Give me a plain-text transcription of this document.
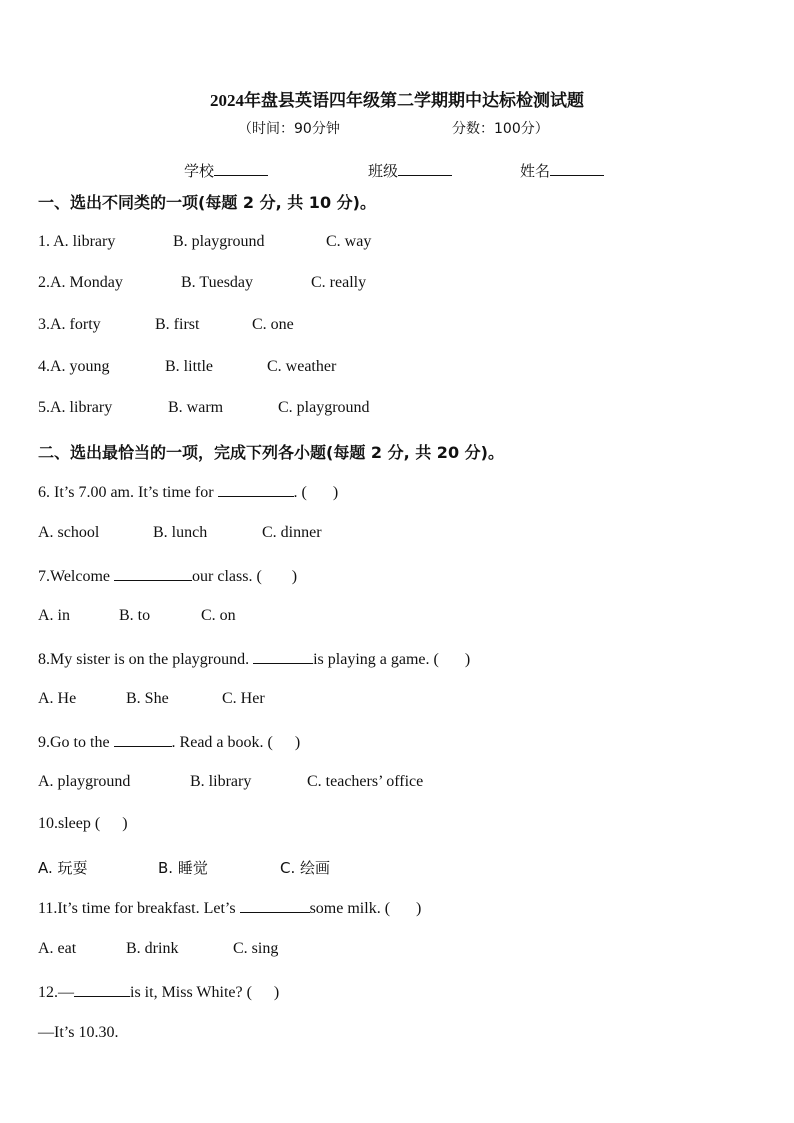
2024年盘县英语四年级第二学期期中达标检测试题
（时间：90分钟	分数：100分）
学校	班级	姓名
一、选出不同类的一项(每题 2 分, 共 10 分)。
1. A. library	B. playground	C. way
2.A. Monday	B. Tuesday	C. really
3.A. forty	B. first	C. one
4.A. young	B. little	C. weather
5.A. library	B. warm	C. playground
二、选出最恰当的一项，完成下列各小题(每题 2 分, 共 20 分)。
6. It’s 7.00 am. It’s time for	. ( )
A. school	B. lunch	C. dinner
7.Welcome	our class. ( )
A. in	B. to	C. on
8.My sister is on the playground.	is playing a game. ( )
A. He	B. She	C. Her
9.Go to the	. Read a book. ( )
A. playground	B. library	C. teachers’ office
10.sleep ( )
A. 玩耍	B. 睡觉	C. 绘画
11.It’s time for breakfast. Let’s	some milk. ( )
A. eat	B. drink	C. sing
12.—	is it, Miss White? ( )
—It’s 10.30.
